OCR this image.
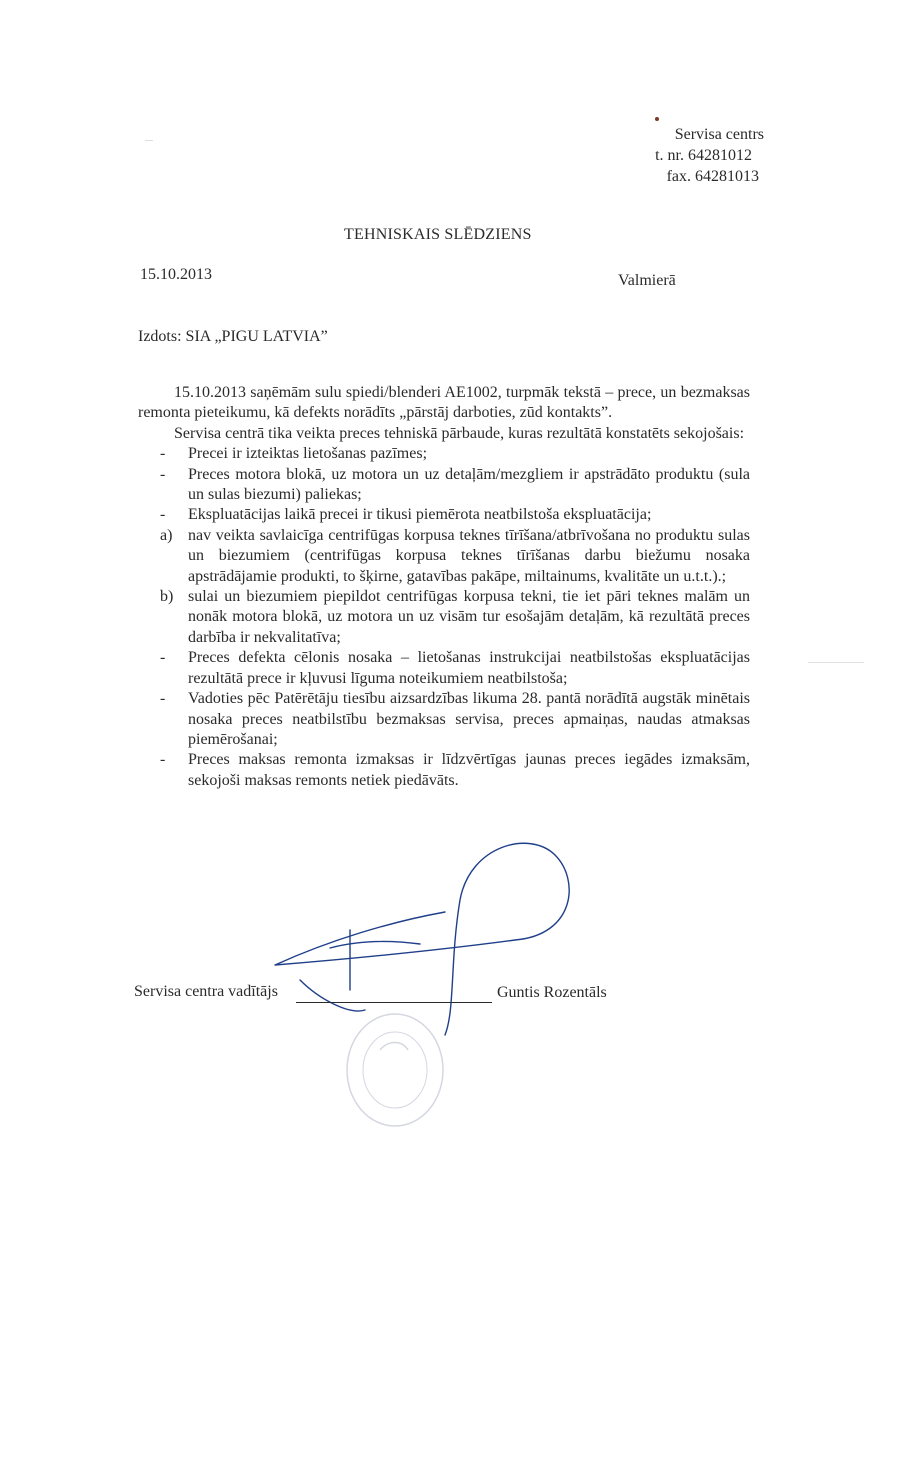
Servisa centrs
t. nr. 64281012
fax. 64281013
TEHNISKAIS SLĒDZIENS
15.10.2013	Valmierā
Izdots: SIA „PIGU LATVIA”

15.10.2013 saņēmām sulu spiedi/blenderi AE1002, turpmāk tekstā – prece, un bezmaksas remonta pieteikumu, kā defekts norādīts „pārstāj darboties, zūd kontakts”.

Servisa centrā tika veikta preces tehniskā pārbaude, kuras rezultātā konstatēts sekojošais:

-	Precei ir izteiktas lietošanas pazīmes;
-	Preces motora blokā, uz motora un uz detaļām/mezgliem ir apstrādāto produktu (sula un sulas biezumi) paliekas;
-	Ekspluatācijas laikā precei ir tikusi piemērota neatbilstoša ekspluatācija;
a) nav veikta savlaicīga centrifūgas korpusa teknes tīrīšana/atbrīvošana no produktu sulas un biezumiem (centrifūgas korpusa teknes tīrīšanas darbu biežumu nosaka apstrādājamie produkti, to šķirne, gatavības pakāpe, miltainums, kvalitāte un u.t.t.).;
b) sulai un biezumiem piepildot centrifūgas korpusa tekni, tie iet pāri teknes malām un nonāk motora blokā, uz motora un uz visām tur esošajām detaļām, kā rezultātā preces darbība ir nekvalitatīva;
-	Preces defekta cēlonis nosaka – lietošanas instrukcijai neatbilstošas ekspluatācijas rezultātā prece ir kļuvusi līguma noteikumiem neatbilstoša;
-	Vadoties pēc Patērētāju tiesību aizsardzības likuma 28. pantā norādītā augstāk minētais nosaka preces neatbilstību bezmaksas servisa, preces apmaiņas, naudas atmaksas piemērošanai;
-	Preces maksas remonta izmaksas ir līdzvērtīgas jaunas preces iegādes izmaksām, sekojoši maksas remonts netiek piedāvāts.
Servisa centra vadītājs	Guntis Rozentāls
